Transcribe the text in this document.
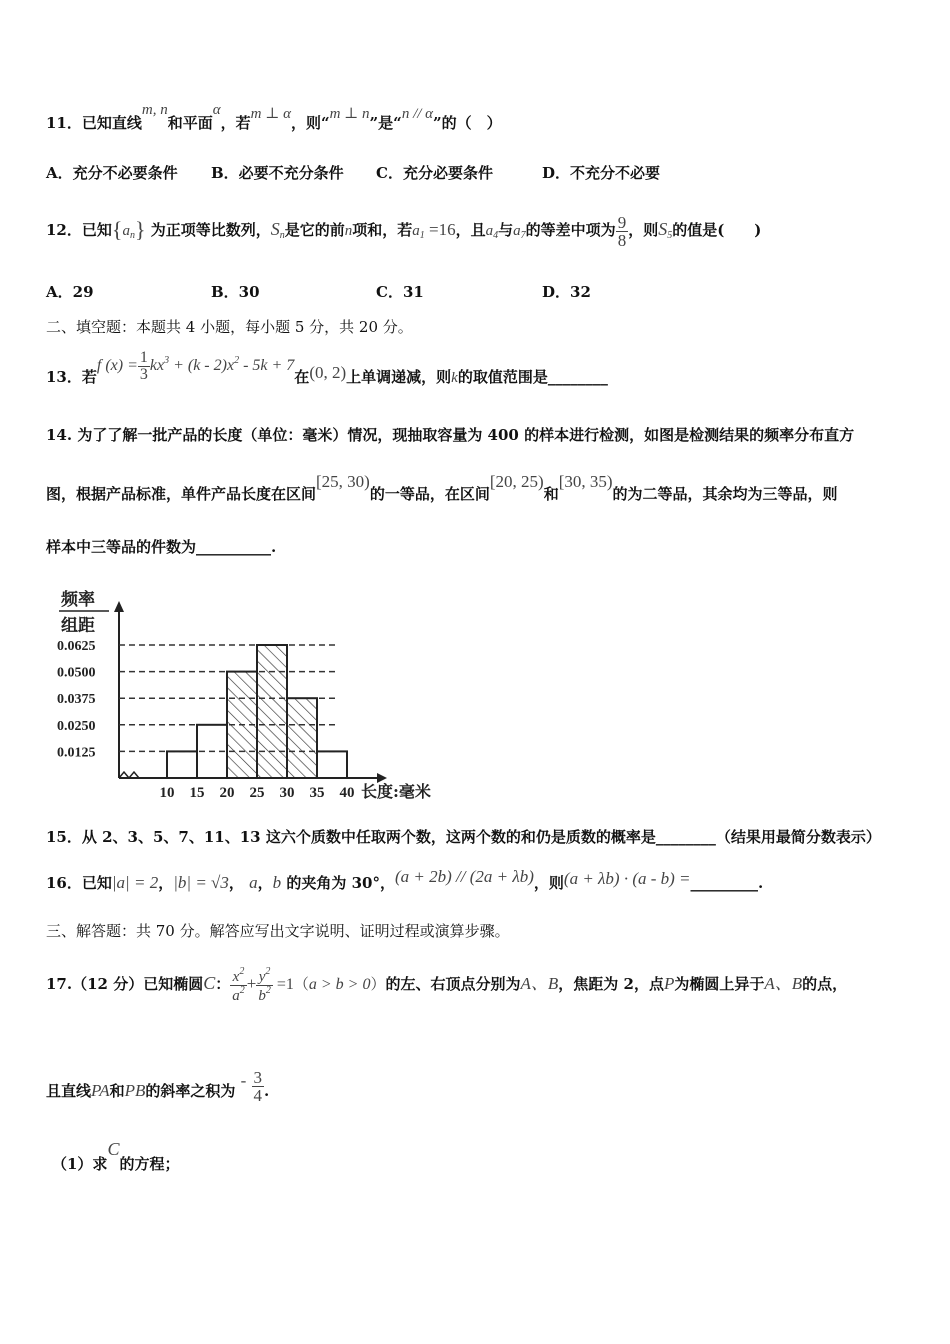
11．已知直线m, n和平面α，若m ⊥ α，则“m ⊥ n”是“n // α”的（　）
A．充分不必要条件 B．必要不充分条件 C．充分必要条件	D．不充分不必要
12．已知$\{a_n\}$ 为正项等比数列，$S_n$是它的前n项和，若$a_1 =16$，且$a_4$与$a_7$的等差中项为 $\frac{9}{8}$ ，则$S_5$的值是(　　)
A．29	B．30	C．31	D．32
二、填空题：本题共 4 小题，每小题 5 分，共 20 分。
13．若f $(x) = \frac{1}{3} kx^3 + (k - 2)x^2 - 5k + 7$在(0, 2)上单调递减，则k的取值范围是________
14. 为了了解一批产品的长度（单位：毫米）情况，现抽取容量为 400 的样本进行检测，如图是检测结果的频率分布直方
图，根据产品标准，单件产品长度在区间[25, 30)的一等品，在区间[20, 25)和[30, 35)的为二等品，其余均为三等品，则
样本中三等品的件数为__________.
0.0625
0.0500
0.0375
0.0250
0.0125
10 15 20 25 30 35 40 长度:毫米
频率
组距
15．从 2、3、5、7、11、13 这六个质数中任取两个数，这两个数的和仍是质数的概率是________（结果用最简分数表示）
16．已知|a| = 2，|b| = √3， a，b 的夹角为 30°，(a + 2b) // (2a + λb)，则(a + λb) · (a - b) =_________.
三、解答题：共 70 分。解答应写出文字说明、证明过程或演算步骤。
17.（12 分）已知椭圆C： $\frac{x^2}{a^2} + \frac{y^2}{b^2} =1(a > b > 0)$的左、右顶点分别为A、B，焦距为 2，点P为椭圆上异于A、B的点，
且直线PA和PB的斜率之积为 - $\frac{3}{4}$ .
（1）求C的方程；
